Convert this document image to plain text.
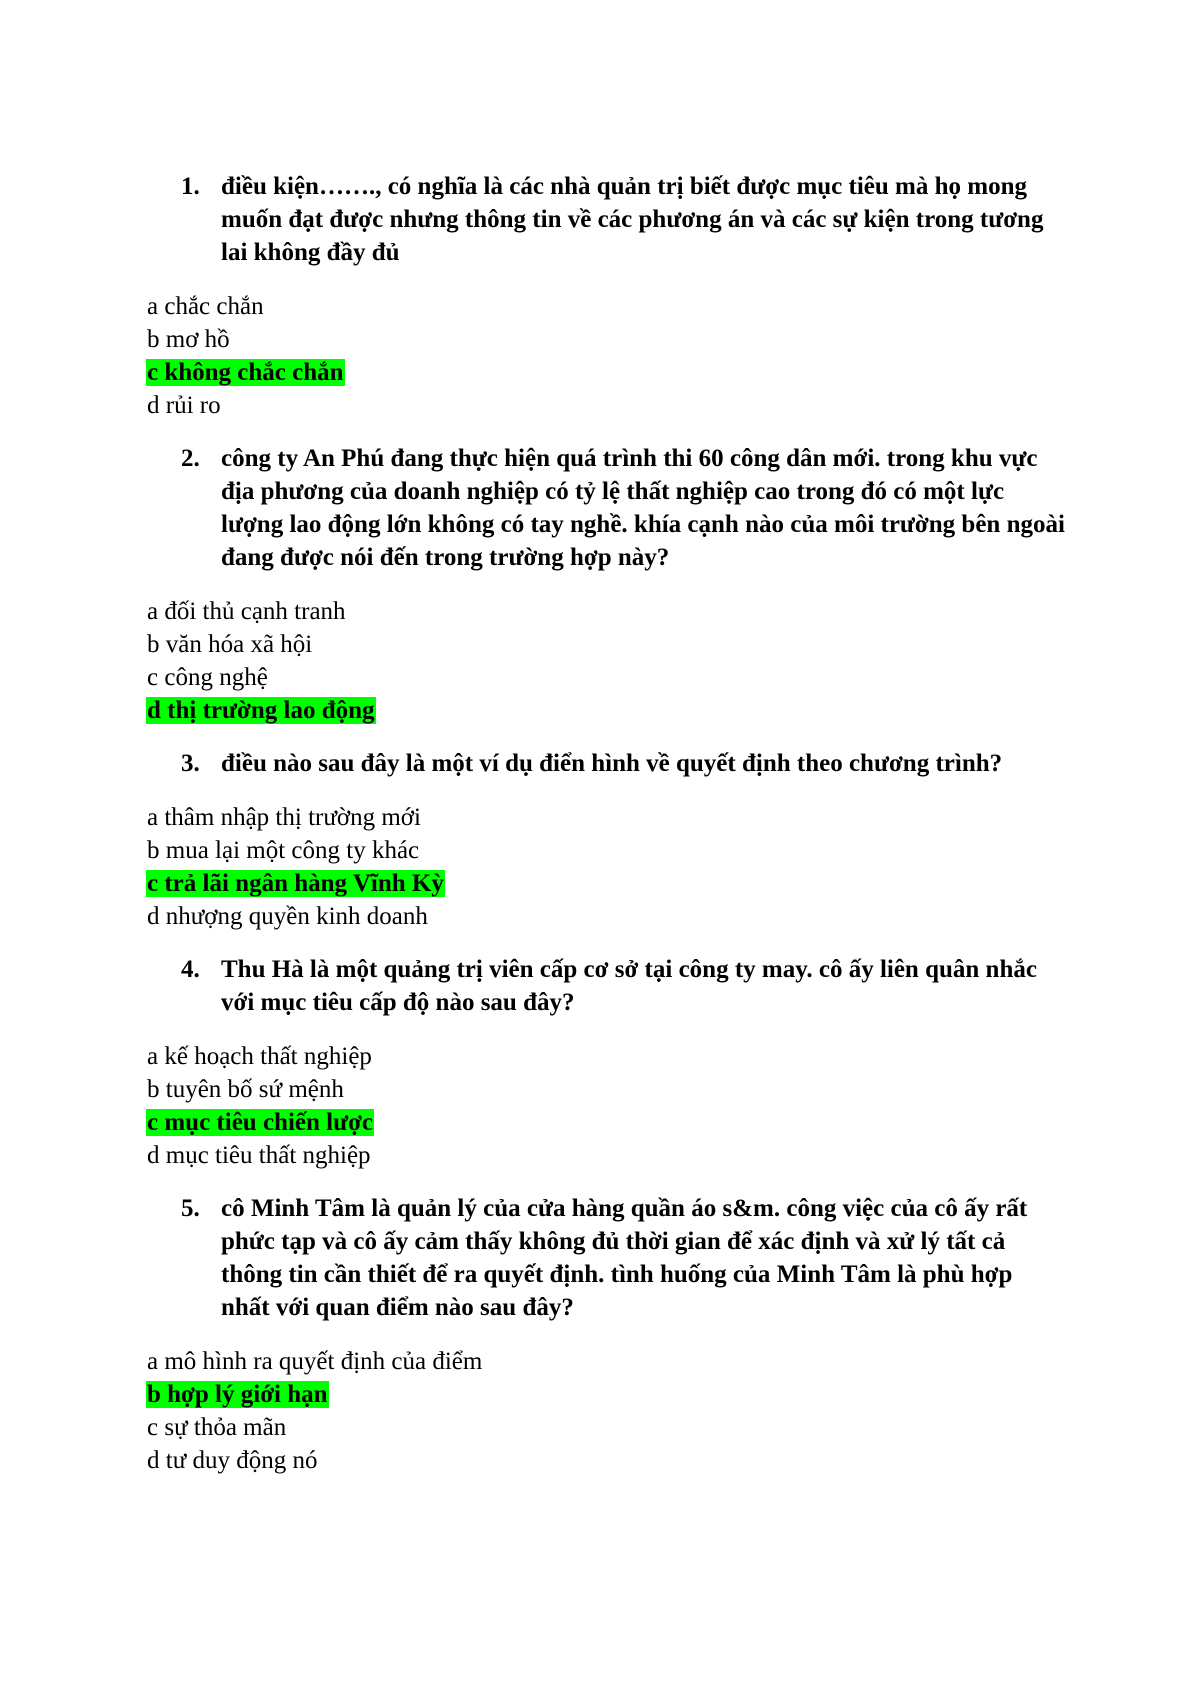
1. điều kiện……., có nghĩa là các nhà quản trị biết được mục tiêu mà họ mong muốn đạt được nhưng thông tin về các phương án và các sự kiện trong tương lai không đầy đủ
a chắc chắn
b mơ hồ
c không chắc chắn
d rủi ro
2. công ty An Phú đang thực hiện quá trình thi 60 công dân mới. trong khu vực địa phương của doanh nghiệp có tỷ lệ thất nghiệp cao trong đó có một lực lượng lao động lớn không có tay nghề. khía cạnh nào của môi trường bên ngoài đang được nói đến trong trường hợp này?
a đối thủ cạnh tranh
b văn hóa xã hội
c công nghệ
d thị trường lao động
3. điều nào sau đây là một ví dụ điển hình về quyết định theo chương trình?
a thâm nhập thị trường mới
b mua lại một công ty khác
c trả lãi ngân hàng Vĩnh Kỳ
d nhượng quyền kinh doanh
4. Thu Hà là một quảng trị viên cấp cơ sở tại công ty may. cô ấy liên quân nhắc với mục tiêu cấp độ nào sau đây?
a kế hoạch thất nghiệp
b tuyên bố sứ mệnh
c mục tiêu chiến lược
d mục tiêu thất nghiệp
5. cô Minh Tâm là quản lý của cửa hàng quần áo s&m. công việc của cô ấy rất phức tạp và cô ấy cảm thấy không đủ thời gian để xác định và xử lý tất cả thông tin cần thiết để ra quyết định. tình huống của Minh Tâm là phù hợp nhất với quan điểm nào sau đây?
a mô hình ra quyết định của điểm
b hợp lý giới hạn
c sự thỏa mãn
d tư duy động nó
